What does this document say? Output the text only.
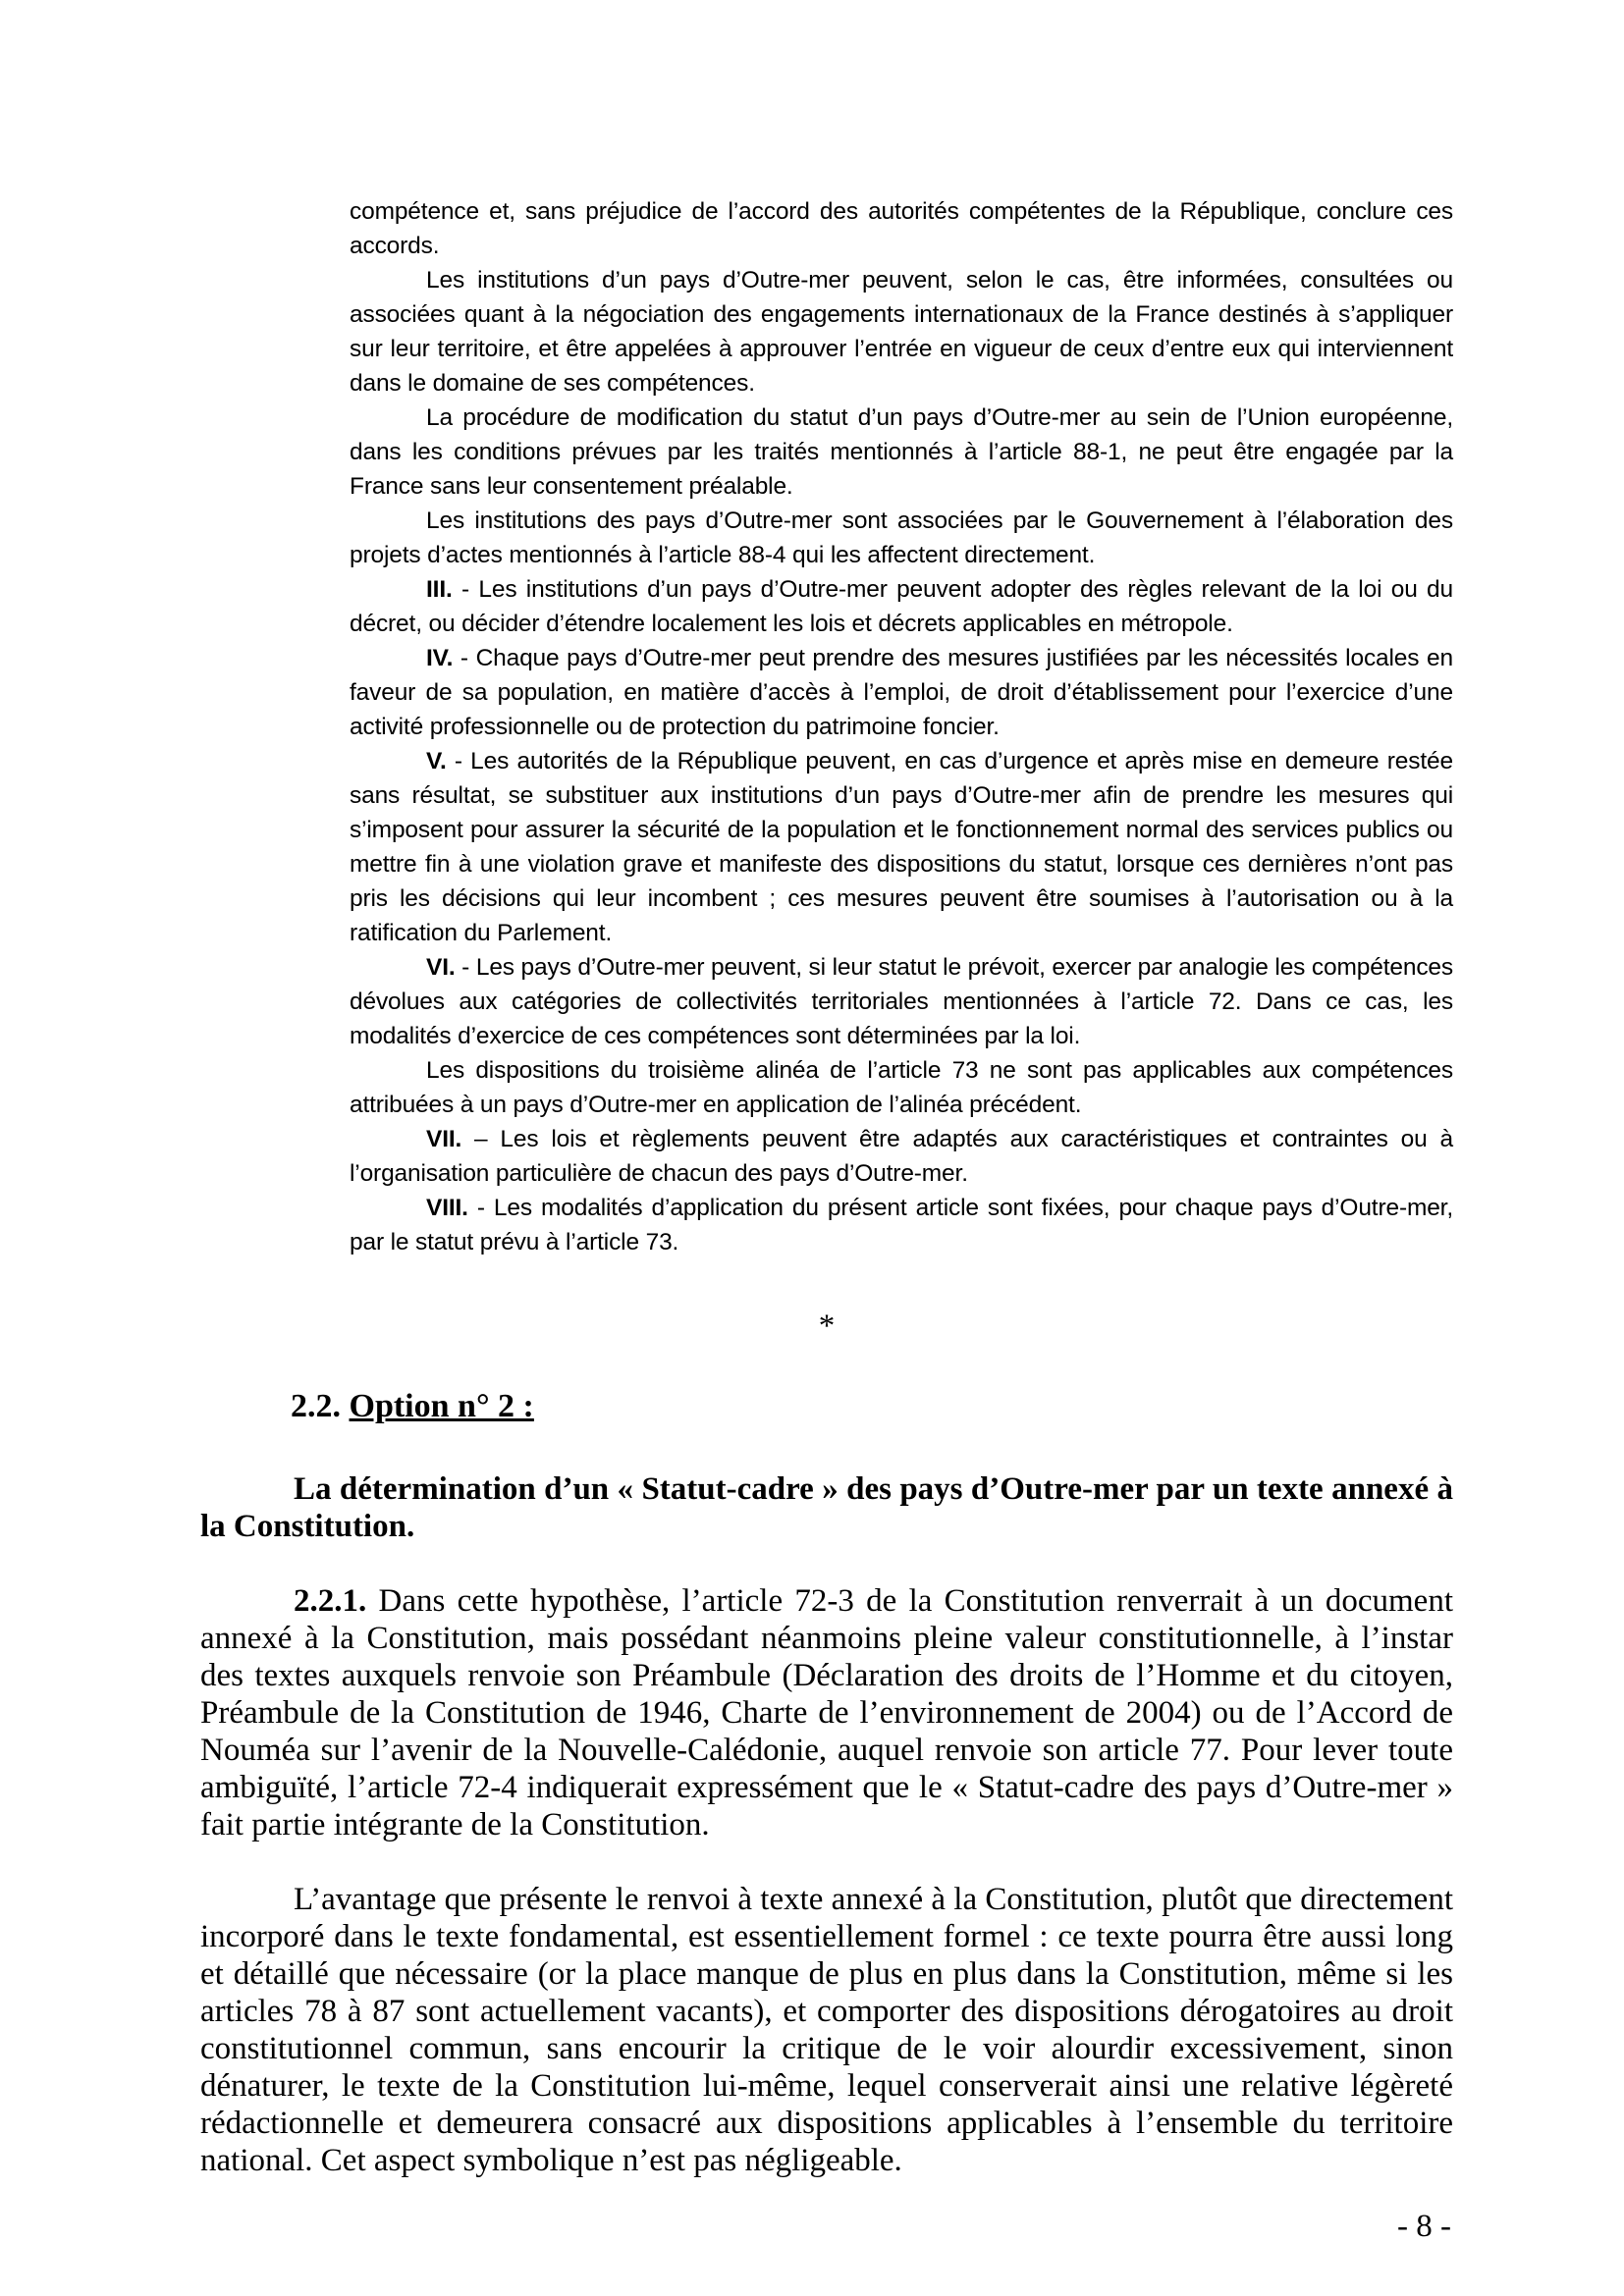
compétence et, sans préjudice de l’accord des autorités compétentes de la République, conclure ces accords.

Les institutions d’un pays d’Outre-mer peuvent, selon le cas, être informées, consultées ou associées quant à la négociation des engagements internationaux de la France destinés à s’appliquer sur leur territoire, et être appelées à approuver l’entrée en vigueur de ceux d’entre eux qui interviennent dans le domaine de ses compétences.

La procédure de modification du statut d’un pays d’Outre-mer au sein de l’Union européenne, dans les conditions prévues par les traités mentionnés à l’article 88-1, ne peut être engagée par la France sans leur consentement préalable.

Les institutions des pays d’Outre-mer sont associées par le Gouvernement à l’élaboration des projets d’actes mentionnés à l’article 88-4 qui les affectent directement.

III. - Les institutions d’un pays d’Outre-mer peuvent adopter des règles relevant de la loi ou du décret, ou décider d’étendre localement les lois et décrets applicables en métropole.

IV. - Chaque pays d’Outre-mer peut prendre des mesures justifiées par les nécessités locales en faveur de sa population, en matière d’accès à l’emploi, de droit d’établissement pour l’exercice d’une activité professionnelle ou de protection du patrimoine foncier.

V. - Les autorités de la République peuvent, en cas d’urgence et après mise en demeure restée sans résultat, se substituer aux institutions d’un pays d’Outre-mer afin de prendre les mesures qui s’imposent pour assurer la sécurité de la population et le fonctionnement normal des services publics ou mettre fin à une violation grave et manifeste des dispositions du statut, lorsque ces dernières n’ont pas pris les décisions qui leur incombent ; ces mesures peuvent être soumises à l’autorisation ou à la ratification du Parlement.

VI. - Les pays d’Outre-mer peuvent, si leur statut le prévoit, exercer par analogie les compétences dévolues aux catégories de collectivités territoriales mentionnées à l’article 72. Dans ce cas, les modalités d’exercice de ces compétences sont déterminées par la loi.

Les dispositions du troisième alinéa de l’article 73 ne sont pas applicables aux compétences attribuées à un pays d’Outre-mer en application de l’alinéa précédent.

VII. – Les lois et règlements peuvent être adaptés aux caractéristiques et contraintes ou à l’organisation particulière de chacun des pays d’Outre-mer.

VIII. - Les modalités d’application du présent article sont fixées, pour chaque pays d’Outre-mer, par le statut prévu à l’article 73.

*
2.2. Option n° 2 :

La détermination d’un « Statut-cadre » des pays d’Outre-mer par un texte annexé à la Constitution.

2.2.1. Dans cette hypothèse, l’article 72-3 de la Constitution renverrait à un document annexé à la Constitution, mais possédant néanmoins pleine valeur constitutionnelle, à l’instar des textes auxquels renvoie son Préambule (Déclaration des droits de l’Homme et du citoyen, Préambule de la Constitution de 1946, Charte de l’environnement de 2004) ou de l’Accord de Nouméa sur l’avenir de la Nouvelle-Calédonie, auquel renvoie son article 77. Pour lever toute ambiguïté, l’article 72-4 indiquerait expressément que le « Statut-cadre des pays d’Outre-mer » fait partie intégrante de la Constitution.

L’avantage que présente le renvoi à texte annexé à la Constitution, plutôt que directement incorporé dans le texte fondamental, est essentiellement formel : ce texte pourra être aussi long et détaillé que nécessaire (or la place manque de plus en plus dans la Constitution, même si les articles 78 à 87 sont actuellement vacants), et comporter des dispositions dérogatoires au droit constitutionnel commun, sans encourir la critique de le voir alourdir excessivement, sinon dénaturer, le texte de la Constitution lui-même, lequel conserverait ainsi une relative légèreté rédactionnelle et demeurera consacré aux dispositions applicables à l’ensemble du territoire national. Cet aspect symbolique n’est pas négligeable.

- 8 -
